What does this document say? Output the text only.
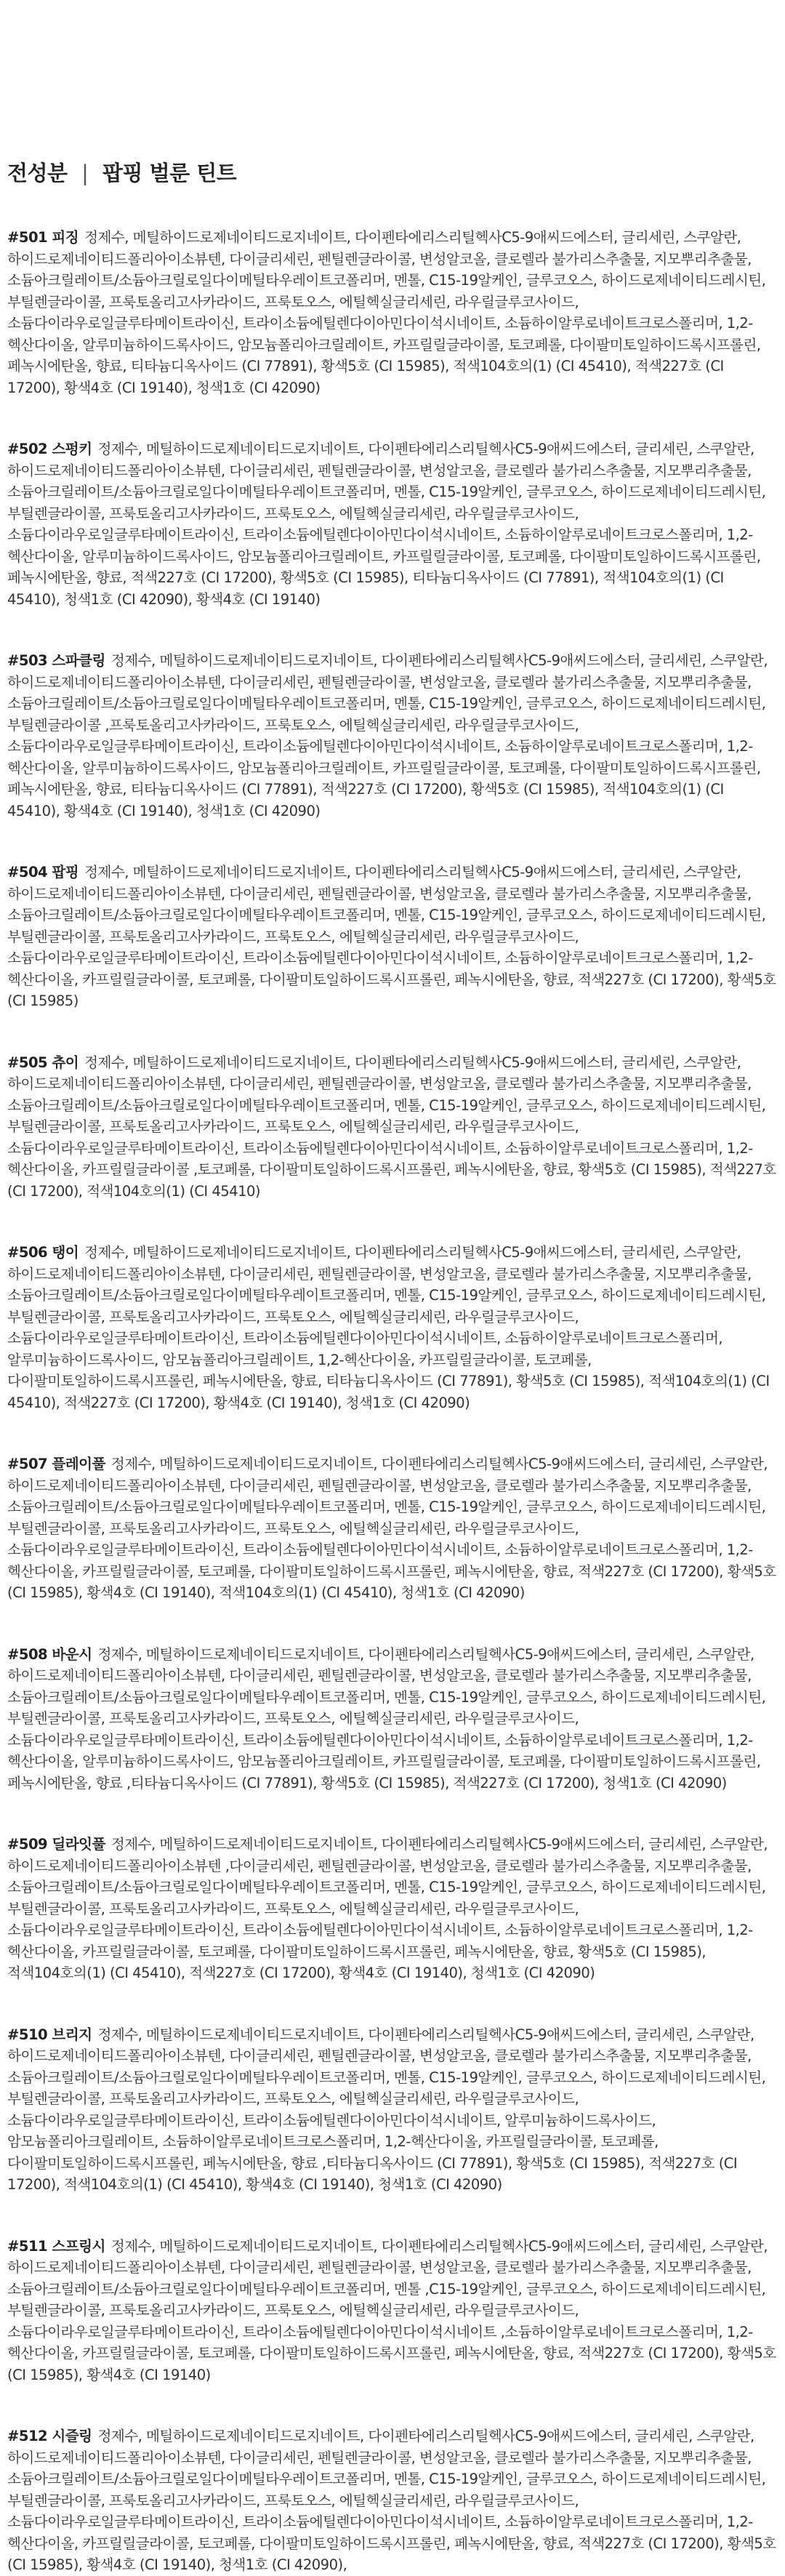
전성분 | 팝핑 벌룬 틴트

#501 피징 정제수, 메틸하이드로제네이티드로지네이트, 다이펜타에리스리틸헥사C5-9애씨드에스터, 글리세린, 스쿠알란, 하이드로제네이티드폴리아이소뷰텐, 다이글리세린, 펜틸렌글라이콜, 변성알코올, 클로렐라 불가리스추출물, 지모뿌리추출물, 소듐아크릴레이트/소듐아크릴로일다이메틸타우레이트코폴리머, 멘톨, C15-19알케인, 글루코오스, 하이드로제네이티드레시틴, 부틸렌글라이콜, 프룩토올리고사카라이드, 프룩토오스, 에틸헥실글리세린, 라우릴글루코사이드, 소듐다이라우로일글루타메이트라이신, 트라이소듐에틸렌다이아민다이석시네이트, 소듐하이알루로네이트크로스폴리머, 1,2-헥산다이올, 알루미늄하이드록사이드, 암모늄폴리아크릴레이트, 카프릴릴글라이콜, 토코페롤, 다이팔미토일하이드록시프롤린, 페녹시에탄올, 향료, 티타늄디옥사이드 (CI 77891), 황색5호 (CI 15985), 적색104호의(1) (CI 45410), 적색227호 (CI 17200), 황색4호 (CI 19140), 청색1호 (CI 42090)

#502 스펑키 정제수, 메틸하이드로제네이티드로지네이트, 다이펜타에리스리틸헥사C5-9애씨드에스터, 글리세린, 스쿠알란, 하이드로제네이티드폴리아이소뷰텐, 다이글리세린, 펜틸렌글라이콜, 변성알코올, 클로렐라 불가리스추출물, 지모뿌리추출물, 소듐아크릴레이트/소듐아크릴로일다이메틸타우레이트코폴리머, 멘톨, C15-19알케인, 글루코오스, 하이드로제네이티드레시틴, 부틸렌글라이콜, 프룩토올리고사카라이드, 프룩토오스, 에틸헥실글리세린, 라우릴글루코사이드, 소듐다이라우로일글루타메이트라이신, 트라이소듐에틸렌다이아민다이석시네이트, 소듐하이알루로네이트크로스폴리머, 1,2-헥산다이올, 알루미늄하이드록사이드, 암모늄폴리아크릴레이트, 카프릴릴글라이콜, 토코페롤, 다이팔미토일하이드록시프롤린, 페녹시에탄올, 향료, 적색227호 (CI 17200), 황색5호 (CI 15985), 티타늄디옥사이드 (CI 77891), 적색104호의(1) (CI 45410), 청색1호 (CI 42090), 황색4호 (CI 19140)

#503 스파클링 정제수, 메틸하이드로제네이티드로지네이트, 다이펜타에리스리틸헥사C5-9애씨드에스터, 글리세린, 스쿠알란, 하이드로제네이티드폴리아이소뷰텐, 다이글리세린, 펜틸렌글라이콜, 변성알코올, 클로렐라 불가리스추출물, 지모뿌리추출물, 소듐아크릴레이트/소듐아크릴로일다이메틸타우레이트코폴리머, 멘톨, C15-19알케인, 글루코오스, 하이드로제네이티드레시틴, 부틸렌글라이콜 ,프룩토올리고사카라이드, 프룩토오스, 에틸헥실글리세린, 라우릴글루코사이드, 소듐다이라우로일글루타메이트라이신, 트라이소듐에틸렌다이아민다이석시네이트, 소듐하이알루로네이트크로스폴리머, 1,2-헥산다이올, 알루미늄하이드록사이드, 암모늄폴리아크릴레이트, 카프릴릴글라이콜, 토코페롤, 다이팔미토일하이드록시프롤린, 페녹시에탄올, 향료, 티타늄디옥사이드 (CI 77891), 적색227호 (CI 17200), 황색5호 (CI 15985), 적색104호의(1) (CI 45410), 황색4호 (CI 19140), 청색1호 (CI 42090)

#504 팝핑 정제수, 메틸하이드로제네이티드로지네이트, 다이펜타에리스리틸헥사C5-9애씨드에스터, 글리세린, 스쿠알란, 하이드로제네이티드폴리아이소뷰텐, 다이글리세린, 펜틸렌글라이콜, 변성알코올, 클로렐라 불가리스추출물, 지모뿌리추출물, 소듐아크릴레이트/소듐아크릴로일다이메틸타우레이트코폴리머, 멘톨, C15-19알케인, 글루코오스, 하이드로제네이티드레시틴, 부틸렌글라이콜, 프룩토올리고사카라이드, 프룩토오스, 에틸헥실글리세린, 라우릴글루코사이드, 소듐다이라우로일글루타메이트라이신, 트라이소듐에틸렌다이아민다이석시네이트, 소듐하이알루로네이트크로스폴리머, 1,2-헥산다이올, 카프릴릴글라이콜, 토코페롤, 다이팔미토일하이드록시프롤린, 페녹시에탄올, 향료, 적색227호 (CI 17200), 황색5호 (CI 15985)

#505 츄이 정제수, 메틸하이드로제네이티드로지네이트, 다이펜타에리스리틸헥사C5-9애씨드에스터, 글리세린, 스쿠알란, 하이드로제네이티드폴리아이소뷰텐, 다이글리세린, 펜틸렌글라이콜, 변성알코올, 클로렐라 불가리스추출물, 지모뿌리추출물, 소듐아크릴레이트/소듐아크릴로일다이메틸타우레이트코폴리머, 멘톨, C15-19알케인, 글루코오스, 하이드로제네이티드레시틴, 부틸렌글라이콜, 프룩토올리고사카라이드, 프룩토오스, 에틸헥실글리세린, 라우릴글루코사이드, 소듐다이라우로일글루타메이트라이신, 트라이소듐에틸렌다이아민다이석시네이트, 소듐하이알루로네이트크로스폴리머, 1,2-헥산다이올, 카프릴릴글라이콜 ,토코페롤, 다이팔미토일하이드록시프롤린, 페녹시에탄올, 향료, 황색5호 (CI 15985), 적색227호 (CI 17200), 적색104호의(1) (CI 45410)

#506 탱이 정제수, 메틸하이드로제네이티드로지네이트, 다이펜타에리스리틸헥사C5-9애씨드에스터, 글리세린, 스쿠알란, 하이드로제네이티드폴리아이소뷰텐, 다이글리세린, 펜틸렌글라이콜, 변성알코올, 클로렐라 불가리스추출물, 지모뿌리추출물, 소듐아크릴레이트/소듐아크릴로일다이메틸타우레이트코폴리머, 멘톨, C15-19알케인, 글루코오스, 하이드로제네이티드레시틴, 부틸렌글라이콜, 프룩토올리고사카라이드, 프룩토오스, 에틸헥실글리세린, 라우릴글루코사이드, 소듐다이라우로일글루타메이트라이신, 트라이소듐에틸렌다이아민다이석시네이트, 소듐하이알루로네이트크로스폴리머, 알루미늄하이드록사이드, 암모늄폴리아크릴레이트, 1,2-헥산다이올, 카프릴릴글라이콜, 토코페롤, 다이팔미토일하이드록시프롤린, 페녹시에탄올, 향료, 티타늄디옥사이드 (CI 77891), 황색5호 (CI 15985), 적색104호의(1) (CI 45410), 적색227호 (CI 17200), 황색4호 (CI 19140), 청색1호 (CI 42090)

#507 플레이풀 정제수, 메틸하이드로제네이티드로지네이트, 다이펜타에리스리틸헥사C5-9애씨드에스터, 글리세린, 스쿠알란, 하이드로제네이티드폴리아이소뷰텐, 다이글리세린, 펜틸렌글라이콜, 변성알코올, 클로렐라 불가리스추출물, 지모뿌리추출물, 소듐아크릴레이트/소듐아크릴로일다이메틸타우레이트코폴리머, 멘톨, C15-19알케인, 글루코오스, 하이드로제네이티드레시틴, 부틸렌글라이콜, 프룩토올리고사카라이드, 프룩토오스, 에틸헥실글리세린, 라우릴글루코사이드, 소듐다이라우로일글루타메이트라이신, 트라이소듐에틸렌다이아민다이석시네이트, 소듐하이알루로네이트크로스폴리머, 1,2-헥산다이올, 카프릴릴글라이콜, 토코페롤, 다이팔미토일하이드록시프롤린, 페녹시에탄올, 향료, 적색227호 (CI 17200), 황색5호 (CI 15985), 황색4호 (CI 19140), 적색104호의(1) (CI 45410), 청색1호 (CI 42090)

#508 바운시 정제수, 메틸하이드로제네이티드로지네이트, 다이펜타에리스리틸헥사C5-9애씨드에스터, 글리세린, 스쿠알란, 하이드로제네이티드폴리아이소뷰텐, 다이글리세린, 펜틸렌글라이콜, 변성알코올, 클로렐라 불가리스추출물, 지모뿌리추출물, 소듐아크릴레이트/소듐아크릴로일다이메틸타우레이트코폴리머, 멘톨, C15-19알케인, 글루코오스, 하이드로제네이티드레시틴, 부틸렌글라이콜, 프룩토올리고사카라이드, 프룩토오스, 에틸헥실글리세린, 라우릴글루코사이드, 소듐다이라우로일글루타메이트라이신, 트라이소듐에틸렌다이아민다이석시네이트, 소듐하이알루로네이트크로스폴리머, 1,2-헥산다이올, 알루미늄하이드록사이드, 암모늄폴리아크릴레이트, 카프릴릴글라이콜, 토코페롤, 다이팔미토일하이드록시프롤린, 페녹시에탄올, 향료 ,티타늄디옥사이드 (CI 77891), 황색5호 (CI 15985), 적색227호 (CI 17200), 청색1호 (CI 42090)

#509 딜라잇풀 정제수, 메틸하이드로제네이티드로지네이트, 다이펜타에리스리틸헥사C5-9애씨드에스터, 글리세린, 스쿠알란, 하이드로제네이티드폴리아이소뷰텐 ,다이글리세린, 펜틸렌글라이콜, 변성알코올, 클로렐라 불가리스추출물, 지모뿌리추출물, 소듐아크릴레이트/소듐아크릴로일다이메틸타우레이트코폴리머, 멘톨, C15-19알케인, 글루코오스, 하이드로제네이티드레시틴, 부틸렌글라이콜, 프룩토올리고사카라이드, 프룩토오스, 에틸헥실글리세린, 라우릴글루코사이드, 소듐다이라우로일글루타메이트라이신, 트라이소듐에틸렌다이아민다이석시네이트, 소듐하이알루로네이트크로스폴리머, 1,2-헥산다이올, 카프릴릴글라이콜, 토코페롤, 다이팔미토일하이드록시프롤린, 페녹시에탄올, 향료, 황색5호 (CI 15985), 적색104호의(1) (CI 45410), 적색227호 (CI 17200), 황색4호 (CI 19140), 청색1호 (CI 42090)

#510 브리지 정제수, 메틸하이드로제네이티드로지네이트, 다이펜타에리스리틸헥사C5-9애씨드에스터, 글리세린, 스쿠알란, 하이드로제네이티드폴리아이소뷰텐, 다이글리세린, 펜틸렌글라이콜, 변성알코올, 클로렐라 불가리스추출물, 지모뿌리추출물, 소듐아크릴레이트/소듐아크릴로일다이메틸타우레이트코폴리머, 멘톨, C15-19알케인, 글루코오스, 하이드로제네이티드레시틴, 부틸렌글라이콜, 프룩토올리고사카라이드, 프룩토오스, 에틸헥실글리세린, 라우릴글루코사이드, 소듐다이라우로일글루타메이트라이신, 트라이소듐에틸렌다이아민다이석시네이트, 알루미늄하이드록사이드, 암모늄폴리아크릴레이트, 소듐하이알루로네이트크로스폴리머, 1,2-헥산다이올, 카프릴릴글라이콜, 토코페롤, 다이팔미토일하이드록시프롤린, 페녹시에탄올, 향료 ,티타늄디옥사이드 (CI 77891), 황색5호 (CI 15985), 적색227호 (CI 17200), 적색104호의(1) (CI 45410), 황색4호 (CI 19140), 청색1호 (CI 42090)

#511 스프링시 정제수, 메틸하이드로제네이티드로지네이트, 다이펜타에리스리틸헥사C5-9애씨드에스터, 글리세린, 스쿠알란, 하이드로제네이티드폴리아이소뷰텐, 다이글리세린, 펜틸렌글라이콜, 변성알코올, 클로렐라 불가리스추출물, 지모뿌리추출물, 소듐아크릴레이트/소듐아크릴로일다이메틸타우레이트코폴리머, 멘톨 ,C15-19알케인, 글루코오스, 하이드로제네이티드레시틴, 부틸렌글라이콜, 프룩토올리고사카라이드, 프룩토오스, 에틸헥실글리세린, 라우릴글루코사이드, 소듐다이라우로일글루타메이트라이신, 트라이소듐에틸렌다이아민다이석시네이트 ,소듐하이알루로네이트크로스폴리머, 1,2-헥산다이올, 카프릴릴글라이콜, 토코페롤, 다이팔미토일하이드록시프롤린, 페녹시에탄올, 향료, 적색227호 (CI 17200), 황색5호 (CI 15985), 황색4호 (CI 19140)

#512 시즐링 정제수, 메틸하이드로제네이티드로지네이트, 다이펜타에리스리틸헥사C5-9애씨드에스터, 글리세린, 스쿠알란, 하이드로제네이티드폴리아이소뷰텐, 다이글리세린, 펜틸렌글라이콜, 변성알코올, 클로렐라 불가리스추출물, 지모뿌리추출물, 소듐아크릴레이트/소듐아크릴로일다이메틸타우레이트코폴리머, 멘톨, C15-19알케인, 글루코오스, 하이드로제네이티드레시틴, 부틸렌글라이콜, 프룩토올리고사카라이드, 프룩토오스, 에틸헥실글리세린, 라우릴글루코사이드, 소듐다이라우로일글루타메이트라이신, 트라이소듐에틸렌다이아민다이석시네이트, 소듐하이알루로네이트크로스폴리머, 1,2-헥산다이올, 카프릴릴글라이콜, 토코페롤, 다이팔미토일하이드록시프롤린, 페녹시에탄올, 향료, 적색227호 (CI 17200), 황색5호 (CI 15985), 황색4호 (CI 19140), 청색1호 (CI 42090),
